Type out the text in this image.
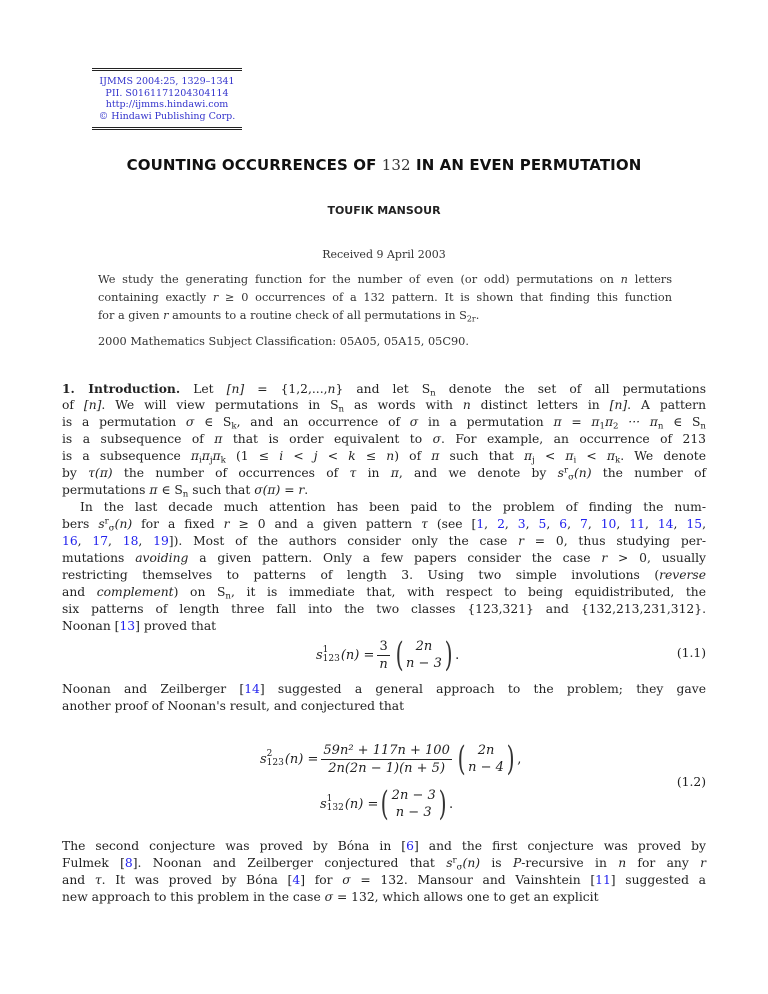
IJMMS 2004:25, 1329–1341
PII. S0161171204304114
http://ijmms.hindawi.com
© Hindawi Publishing Corp.
COUNTING OCCURRENCES OF 132 IN AN EVEN PERMUTATION
TOUFIK MANSOUR
Received 9 April 2003
We study the generating function for the number of even (or odd) permutations on n letters
containing exactly r ≥ 0 occurrences of a 132 pattern. It is shown that finding this function
for a given r amounts to a routine check of all permutations in $S_{2r}$.
2000 Mathematics Subject Classification: 05A05, 05A15, 05C90.
1. Introduction. Let [n] = {1,2,...,n} and let $S_n$ denote the set of all permutations
of [n]. We will view permutations in $S_n$ as words with n distinct letters in [n]. A pattern
is a permutation σ ∈ $S_k$, and an occurrence of σ in a permutation $\pi = \pi_1\pi_2$ ··· $\pi_n$ ∈ $S_n$
is a subsequence of π that is order equivalent to σ. For example, an occurrence of 213
is a subsequence $\pi_i\pi_j\pi_k$ (1 ≤ i < j < k ≤ n) of π such that $\pi_j < \pi_i < \pi_k$. We denote
by τ(π) the number of occurrences of τ in π, and we denote by $s^r_\sigma(n)$ the number of
permutations π ∈ $S_n$ such that σ(π) = r.
In the last decade much attention has been paid to the problem of finding the num-
bers $s^r_\sigma(n)$ for a fixed r ≥ 0 and a given pattern τ (see [1, 2, 3, 5, 6, 7, 10, 11, 14, 15,
16, 17, 18, 19]). Most of the authors consider only the case r = 0, thus studying per-
mutations avoiding a given pattern. Only a few papers consider the case r > 0, usually
restricting themselves to patterns of length 3. Using two simple involutions (reverse
and complement) on $S_n$, it is immediate that, with respect to being equidistributed, the
six patterns of length three fall into the two classes {123,321} and {132,213,231,312}.
Noonan [13] proved that
s 1
123 $(n) = \frac{3}{n}$ ( 2n
n − 3 ) .	(1.1)
Noonan and Zeilberger [14] suggested a general approach to the problem; they gave
another proof of Noonan's result, and conjectured that
s 2
123 $(n) = \frac{\text{59n² + 117n + 100}}{2n(2n - 1)(n + 5)}$ ( 2n
n − 4 ) ,
s 1
132 (n) = ( 2n − 3
n − 3 ) .
(1.2)
The second conjecture was proved by Bóna in [6] and the first conjecture was proved by
Fulmek [8]. Noonan and Zeilberger conjectured that $s^r_\sigma(n)$ is P-recursive in n for any r
and τ. It was proved by Bóna [4] for σ = 132. Mansour and Vainshtein [11] suggested a
new approach to this problem in the case σ = 132, which allows one to get an explicit
